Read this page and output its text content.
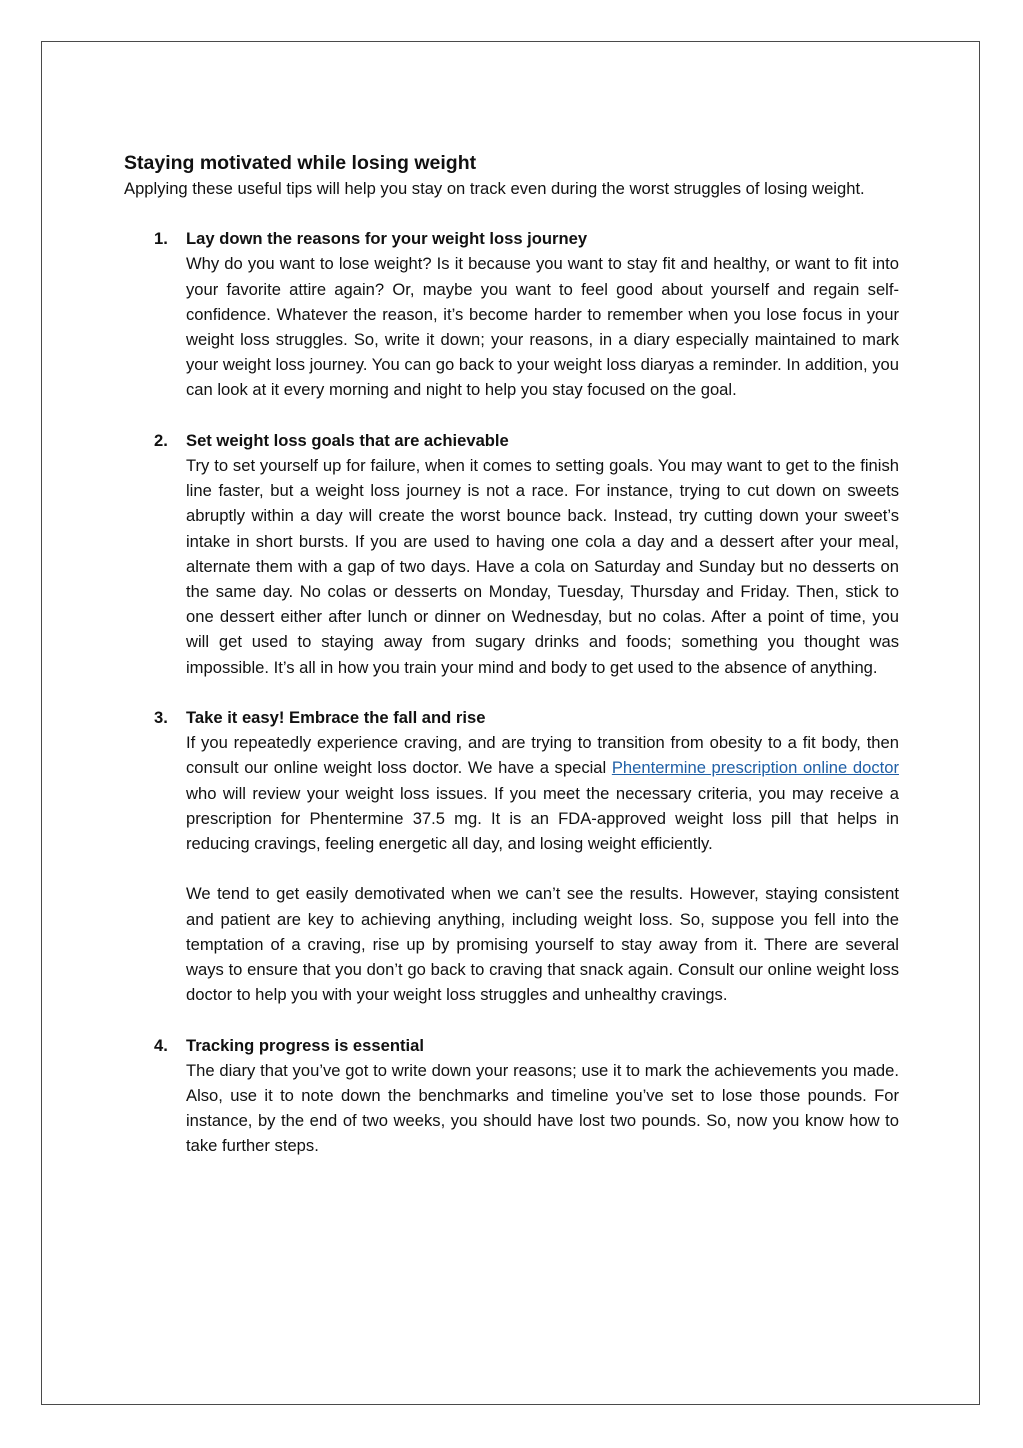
Staying motivated while losing weight

Applying these useful tips will help you stay on track even during the worst struggles of losing weight.

1. Lay down the reasons for your weight loss journey

Why do you want to lose weight? Is it because you want to stay fit and healthy, or want to fit into your favorite attire again? Or, maybe you want to feel good about yourself and regain self-confidence. Whatever the reason, it’s become harder to remember when you lose focus in your weight loss struggles. So, write it down; your reasons, in a diary especially maintained to mark your weight loss journey. You can go back to your weight loss diaryas a reminder. In addition, you can look at it every morning and night to help you stay focused on the goal.

2. Set weight loss goals that are achievable

Try to set yourself up for failure, when it comes to setting goals. You may want to get to the finish line faster, but a weight loss journey is not a race. For instance, trying to cut down on sweets abruptly within a day will create the worst bounce back. Instead, try cutting down your sweet’s intake in short bursts. If you are used to having one cola a day and a dessert after your meal, alternate them with a gap of two days. Have a cola on Saturday and Sunday but no desserts on the same day. No colas or desserts on Monday, Tuesday, Thursday and Friday. Then, stick to one dessert either after lunch or dinner on Wednesday, but no colas. After a point of time, you will get used to staying away from sugary drinks and foods; something you thought was impossible. It’s all in how you train your mind and body to get used to the absence of anything.

3. Take it easy! Embrace the fall and rise

If you repeatedly experience craving, and are trying to transition from obesity to a fit body, then consult our online weight loss doctor. We have a special Phentermine prescription online doctor who will review your weight loss issues. If you meet the necessary criteria, you may receive a prescription for Phentermine 37.5 mg. It is an FDA-approved weight loss pill that helps in reducing cravings, feeling energetic all day, and losing weight efficiently.

We tend to get easily demotivated when we can’t see the results. However, staying consistent and patient are key to achieving anything, including weight loss. So, suppose you fell into the temptation of a craving, rise up by promising yourself to stay away from it. There are several ways to ensure that you don’t go back to craving that snack again. Consult our online weight loss doctor to help you with your weight loss struggles and unhealthy cravings.

4. Tracking progress is essential

The diary that you’ve got to write down your reasons; use it to mark the achievements you made. Also, use it to note down the benchmarks and timeline you’ve set to lose those pounds. For instance, by the end of two weeks, you should have lost two pounds. So, now you know how to take further steps.
